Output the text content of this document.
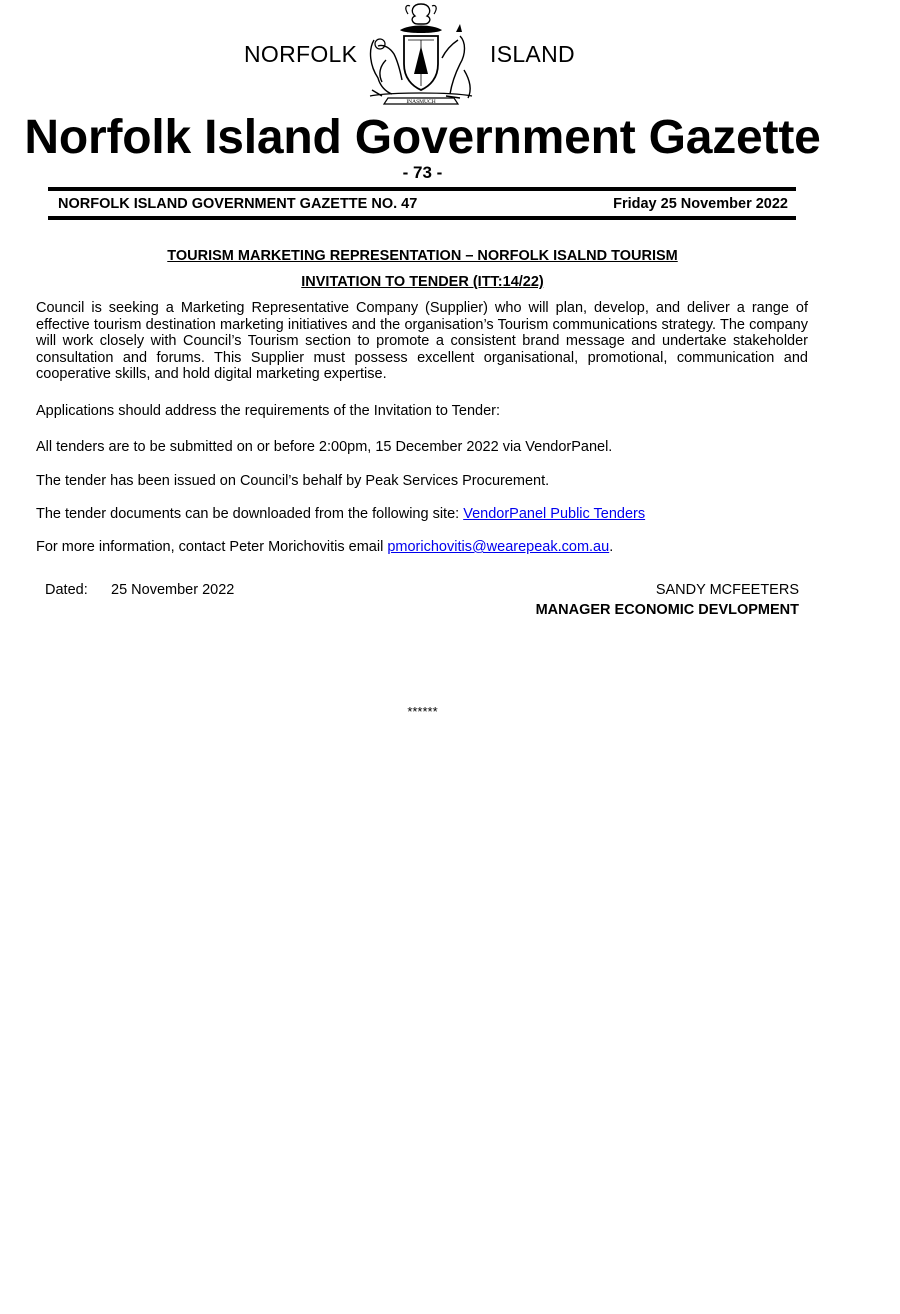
NORFOLK	ISLAND
INASMUCH
Norfolk Island Government Gazette
- 73 -
NORFOLK ISLAND GOVERNMENT GAZETTE NO. 47	Friday 25 November 2022
TOURISM MARKETING REPRESENTATION – NORFOLK ISALND TOURISM
INVITATION TO TENDER (ITT:14/22)
Council is seeking a Marketing Representative Company (Supplier) who will plan, develop, and deliver a range of effective tourism destination marketing initiatives and the organisation’s Tourism communications strategy. The company will work closely with Council’s Tourism section to promote a consistent brand message and undertake stakeholder consultation and forums. This Supplier must possess excellent organisational, promotional, communication and cooperative skills, and hold digital marketing expertise.
Applications should address the requirements of the Invitation to Tender:
All tenders are to be submitted on or before 2:00pm, 15 December 2022 via VendorPanel.
The tender has been issued on Council’s behalf by Peak Services Procurement.
The tender documents can be downloaded from the following site: VendorPanel Public Tenders
For more information, contact Peter Morichovitis email pmorichovitis@wearepeak.com.au.
Dated: 25 November 2022	SANDY MCFEETERS
MANAGER ECONOMIC DEVLOPMENT
******
